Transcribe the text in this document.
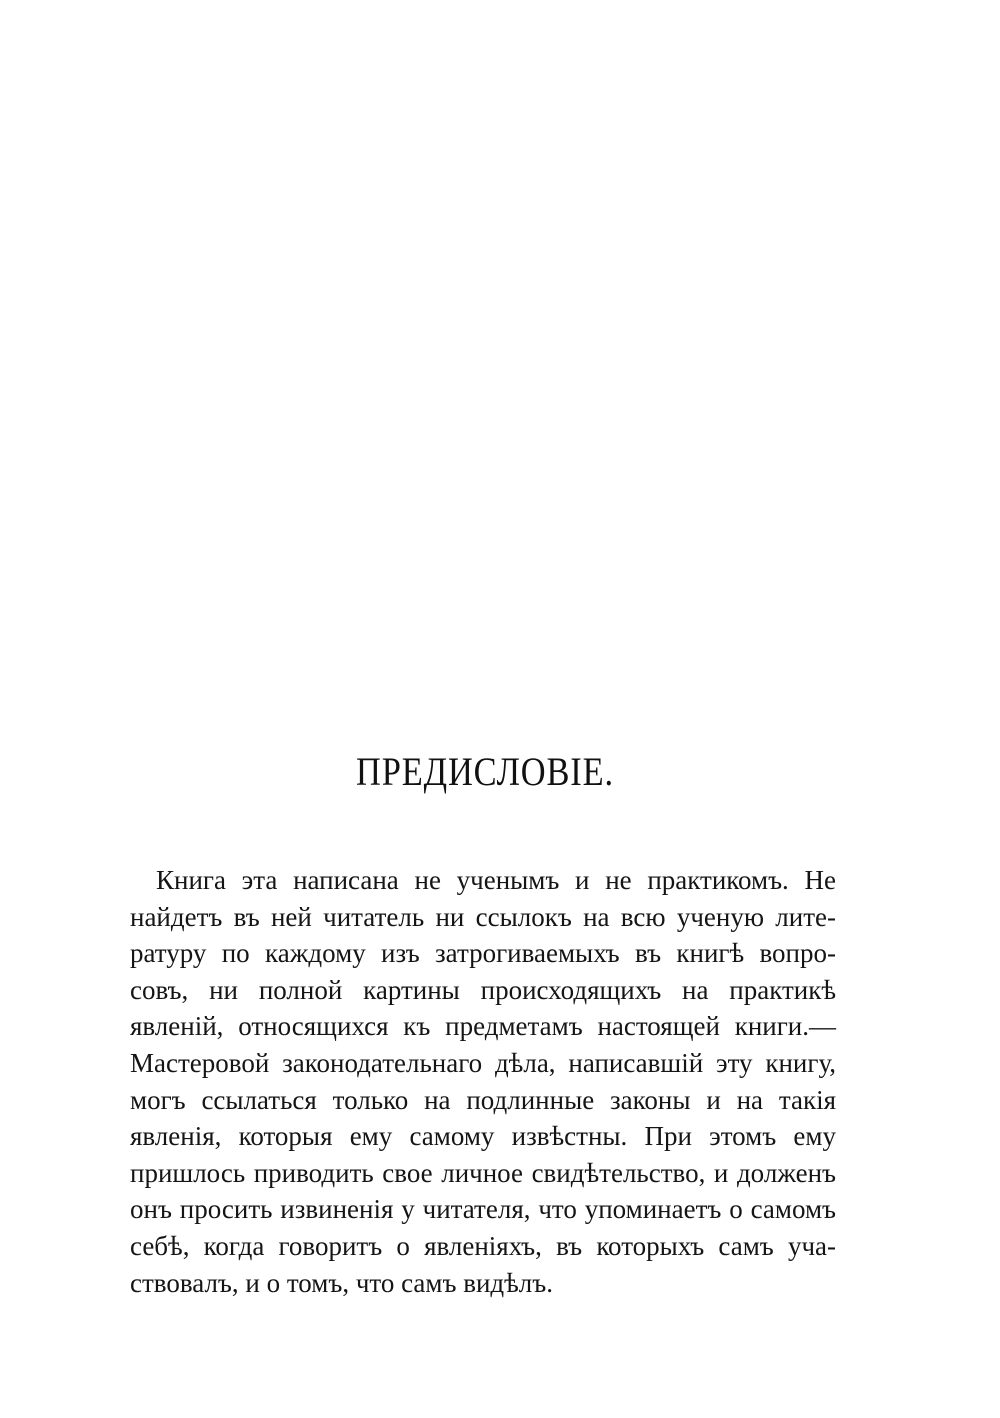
ПРЕДИСЛОВІЕ.
Книга эта написана не ученымъ и не практикомъ. Не
найдетъ въ ней читатель ни ссылокъ на всю ученую лите-
ратуру по каждому изъ затрогиваемыхъ въ книгѣ вопро-
совъ, ни полной картины происходящихъ на практикѣ
явленій, относящихся къ предметамъ настоящей книги.—
Мастеровой законодательнаго дѣла, написавшій эту книгу,
могъ ссылаться только на подлинные законы и на такія
явленія, которыя ему самому извѣстны. При этомъ ему
пришлось приводить свое личное свидѣтельство, и долженъ
онъ просить извиненія у читателя, что упоминаетъ о самомъ
себѣ, когда говоритъ о явленіяхъ, въ которыхъ самъ уча-
ствовалъ, и о томъ, что самъ видѣлъ.
